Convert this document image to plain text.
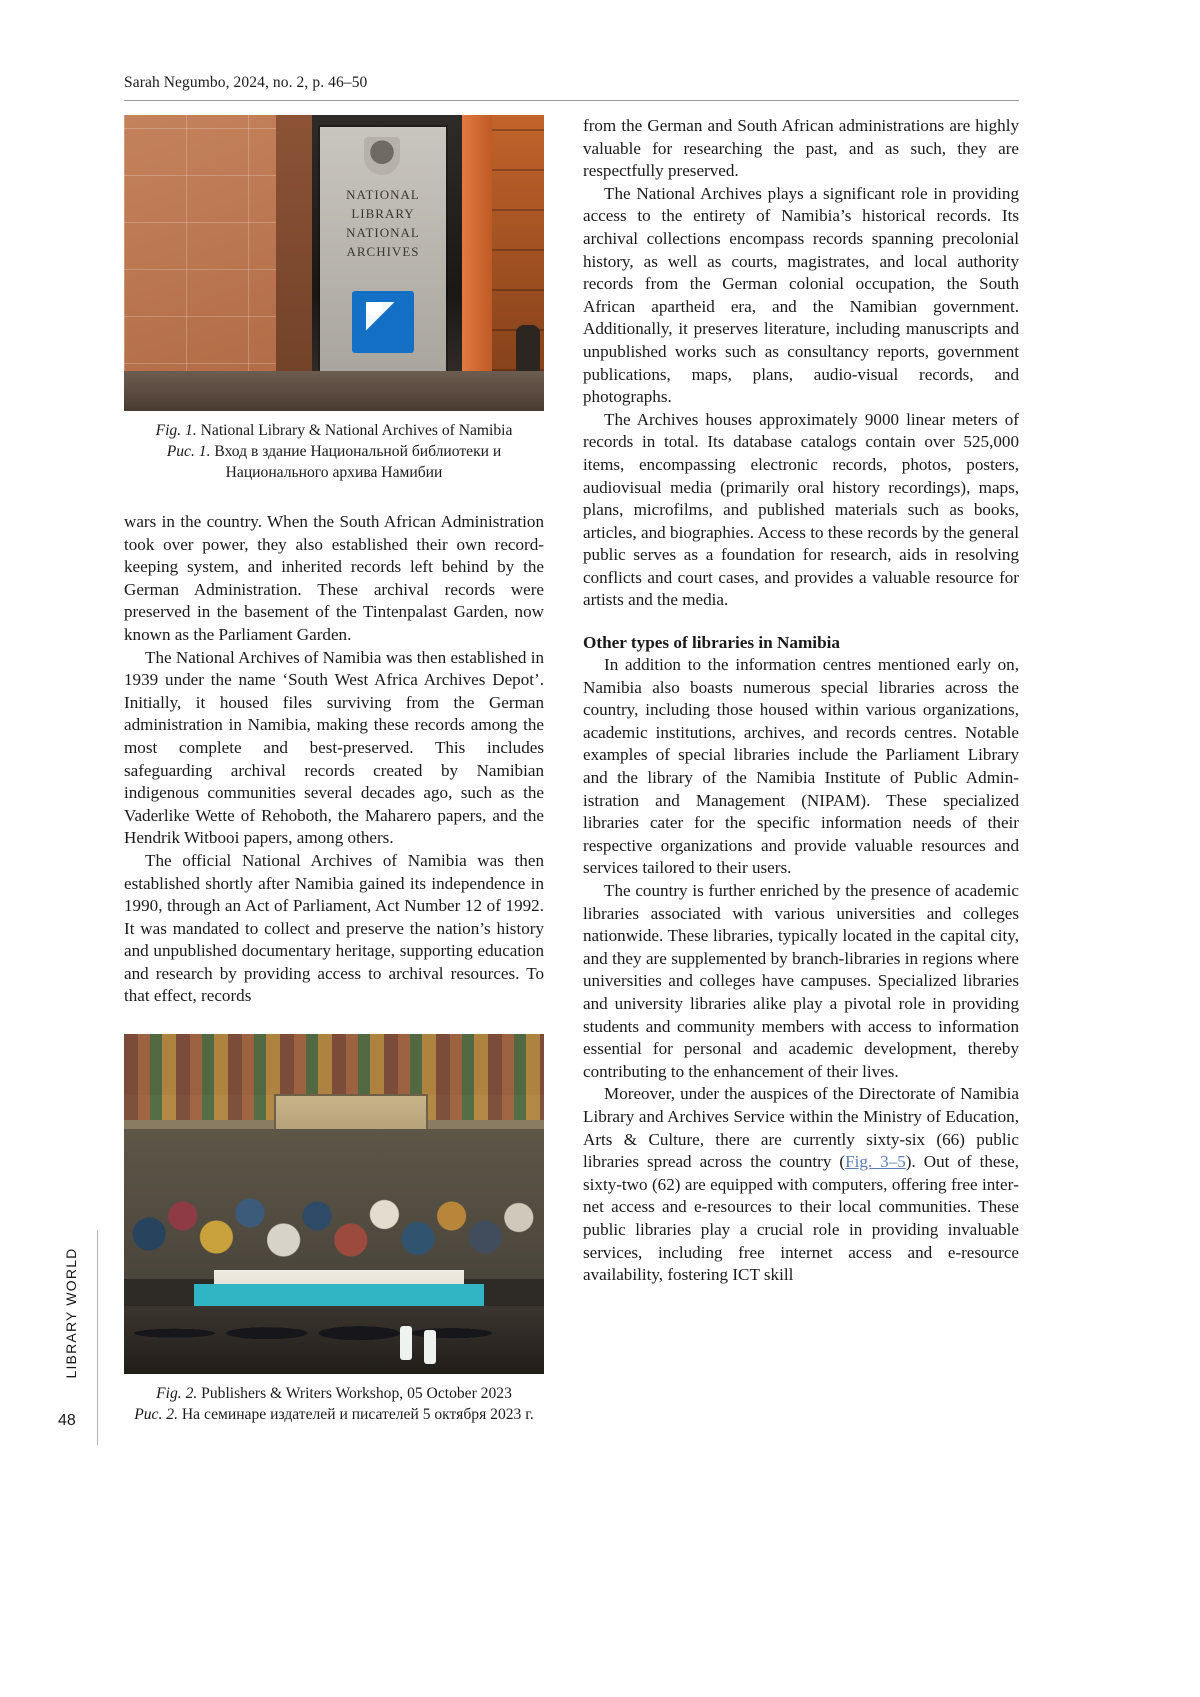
Sarah Negumbo, 2024, no. 2, p. 46–50
LIBRARY WORLD
48
NATIONAL
LIBRARY
NATIONAL
ARCHIVES
Fig. 1. National Library & National Archives of Namibia
Рис. 1. Вход в здание Национальной библиотеки и Национального архива Намибии

wars in the country. When the South African Administration took over power, they also established their own record-keeping system, and inherited records left behind by the German Administration. These archival records were preserved in the basement of the Tintenpalast Garden, now known as the Parliament Garden.

The National Archives of Namibia was then established in 1939 under the name ‘South West Africa Archives Depot’. Initially, it housed files surviving from the German administration in Namibia, making these records among the most complete and best-preserved. This includes safeguarding archival records created by Namibian indigenous communities several decades ago, such as the Vaderlike Wette of Rehoboth, the Maharero papers, and the Hendrik Witbooi papers, among others.

The official National Archives of Namibia was then established shortly after Namibia gained its independence in 1990, through an Act of Parliament, Act Number 12 of 1992. It was mandated to collect and preserve the nation’s history and unpublished documentary heritage, supporting education and research by providing access to archival resources. To that effect, records

Fig. 2. Publishers & Writers Workshop, 05 October 2023
Рис. 2. На семинаре издателей и писателей 5 октября 2023 г.

from the German and South African administrations are highly valuable for researching the past, and as such, they are respectfully preserved.

The National Archives plays a significant role in providing access to the entirety of Namibia’s historical records. Its archival collections encompass records spanning precolonial history, as well as courts, magistrates, and local authority records from the German colonial occupation, the South African apartheid era, and the Namibian government. Additionally, it preserves literature, including manuscripts and unpublished works such as consultancy reports, government publications, maps, plans, audio-visual records, and photographs.

The Archives houses approximately 9000 linear meters of records in total. Its database catalogs contain over 525,000 items, encompassing electronic records, photos, posters, audiovisual media (primarily oral history recordings), maps, plans, microfilms, and published materials such as books, articles, and biographies. Access to these records by the general public serves as a foundation for research, aids in resolving conflicts and court cases, and provides a valuable resource for artists and the media.

Other types of libraries in Namibia

In addition to the information centres mentioned early on, Namibia also boasts numerous special libraries across the country, including those housed within various organizations, academic institutions, archives, and records centres. Notable examples of special libraries include the Parliament Library and the library of the Namibia Institute of Public Administration and Management (NIPAM). These specialized libraries cater for the specific information needs of their respective organizations and provide valuable resources and services tailored to their users.

The country is further enriched by the presence of academic libraries associated with various universities and colleges nationwide. These libraries, typically located in the capital city, and they are supplemented by branch-libraries in regions where universities and colleges have campuses. Specialized libraries and university libraries alike play a pivotal role in providing students and community members with access to information essential for personal and academic development, thereby contributing to the enhancement of their lives.

Moreover, under the auspices of the Directorate of Namibia Library and Archives Service within the Ministry of Education, Arts & Culture, there are currently sixty-six (66) public libraries spread across the country (Fig. 3–5). Out of these, sixty-two (62) are equipped with computers, offering free internet access and e-resources to their local communities. These public libraries play a crucial role in providing invaluable services, including free internet access and e-resource availability, fostering ICT skill
